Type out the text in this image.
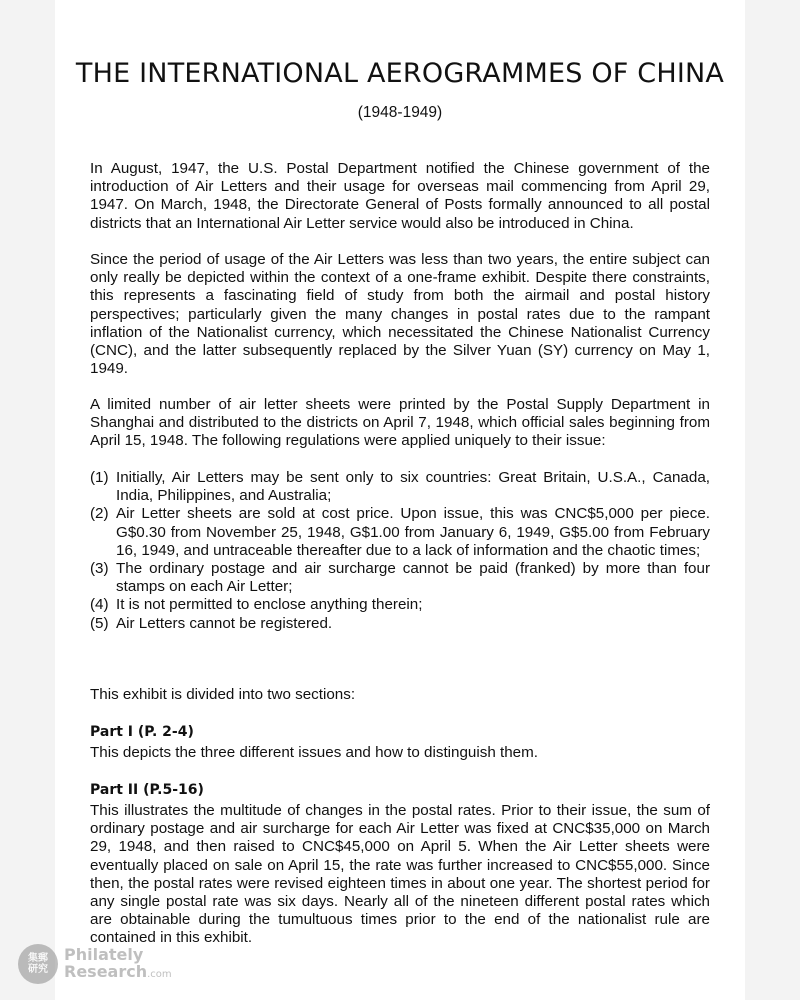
THE INTERNATIONAL AEROGRAMMES OF CHINA
(1948-1949)

In August, 1947, the U.S. Postal Department notified the Chinese government of the introduction of Air Letters and their usage for overseas mail commencing from April 29, 1947. On March, 1948, the Directorate General of Posts formally announced to all postal districts that an International Air Letter service would also be introduced in China.

Since the period of usage of the Air Letters was less than two years, the entire subject can only really be depicted within the context of a one-frame exhibit. Despite there constraints, this represents a fascinating field of study from both the airmail and postal history perspectives; particularly given the many changes in postal rates due to the rampant inflation of the Nationalist currency, which necessitated the Chinese Nationalist Currency (CNC), and the latter subsequently replaced by the Silver Yuan (SY) currency on May 1, 1949.

A limited number of air letter sheets were printed by the Postal Supply Department in Shanghai and distributed to the districts on April 7, 1948, which official sales beginning from April 15, 1948. The following regulations were applied uniquely to their issue:

(1) Initially, Air Letters may be sent only to six countries: Great Britain, U.S.A., Canada, India, Philippines, and Australia;
(2) Air Letter sheets are sold at cost price. Upon issue, this was CNC$5,000 per piece. G$0.30 from November 25, 1948, G$1.00 from January 6, 1949, G$5.00 from February 16, 1949, and untraceable thereafter due to a lack of information and the chaotic times;
(3) The ordinary postage and air surcharge cannot be paid (franked) by more than four stamps on each Air Letter;
(4) It is not permitted to enclose anything therein;
(5) Air Letters cannot be registered.

This exhibit is divided into two sections:

Part I (P. 2-4)

This depicts the three different issues and how to distinguish them.

Part II (P.5-16)

This illustrates the multitude of changes in the postal rates. Prior to their issue, the sum of ordinary postage and air surcharge for each Air Letter was fixed at CNC$35,000 on March 29, 1948, and then raised to CNC$45,000 on April 5. When the Air Letter sheets were eventually placed on sale on April 15, the rate was further increased to CNC$55,000. Since then, the postal rates were revised eighteen times in about one year. The shortest period for any single postal rate was six days. Nearly all of the nineteen different postal rates which are obtainable during the tumultuous times prior to the end of the nationalist rule are contained in this exhibit.

集郵
研究
Philately
Research.com
